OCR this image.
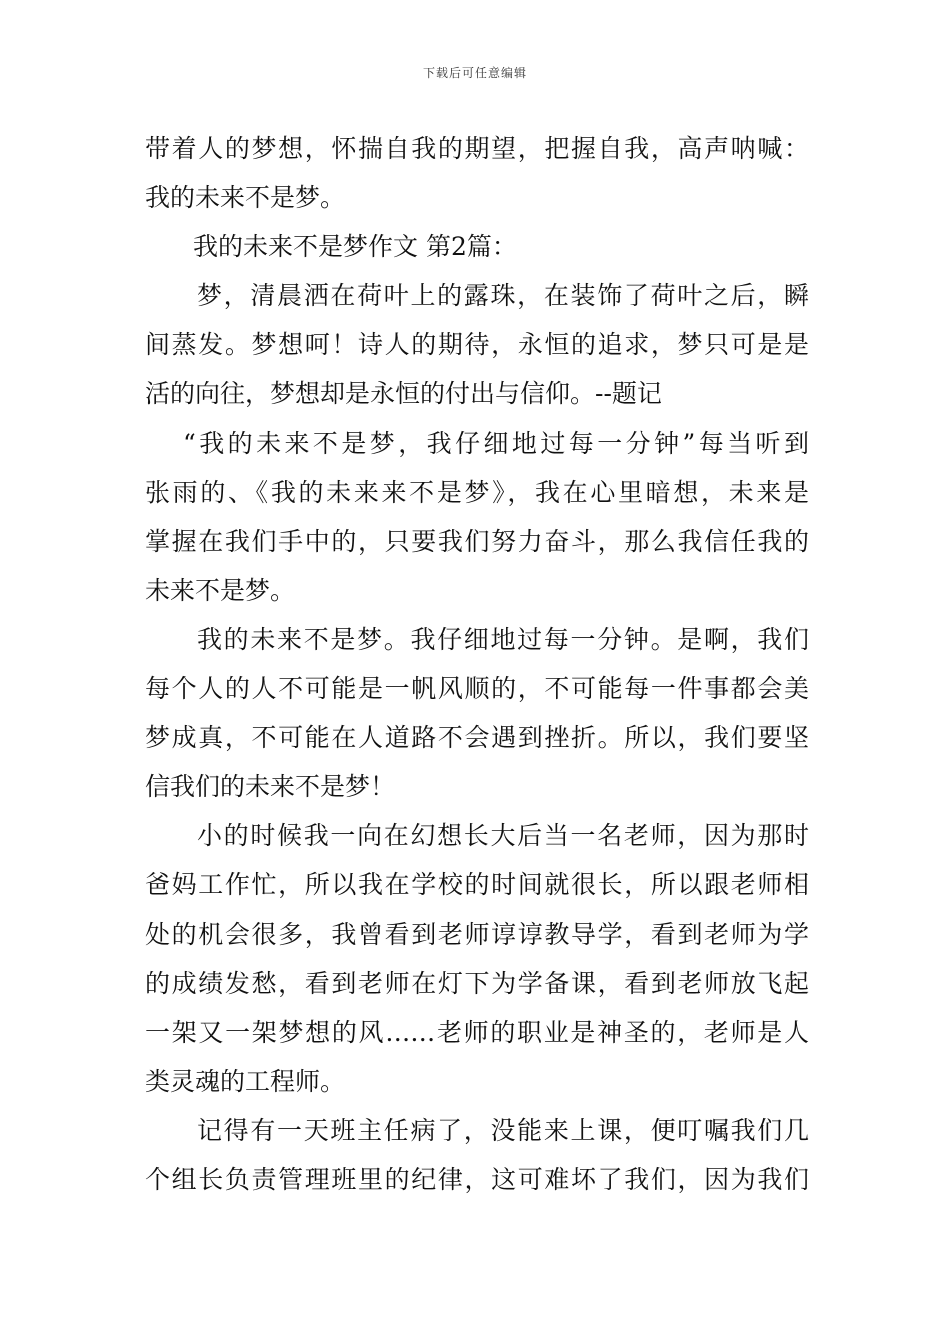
下载后可任意编辑
带着人的梦想，怀揣自我的期望，把握自我，高声呐喊：
我的未来不是梦。
我的未来不是梦作文 第2篇：
梦，清晨洒在荷叶上的露珠，在装饰了荷叶之后，瞬
间蒸发。梦想呵！诗人的期待，永恒的追求，梦只可是是
活的向往，梦想却是永恒的付出与信仰。--题记
“我的未来不是梦，我仔细地过每一分钟”每当听到
张雨的、《我的未来来不是梦》，我在心里暗想，未来是
掌握在我们手中的，只要我们努力奋斗，那么我信任我的
未来不是梦。
我的未来不是梦。我仔细地过每一分钟。是啊，我们
每个人的人不可能是一帆风顺的，不可能每一件事都会美
梦成真，不可能在人道路不会遇到挫折。所以，我们要坚
信我们的未来不是梦！
小的时候我一向在幻想长大后当一名老师，因为那时
爸妈工作忙，所以我在学校的时间就很长，所以跟老师相
处的机会很多，我曾看到老师谆谆教导学，看到老师为学
的成绩发愁，看到老师在灯下为学备课，看到老师放飞起
一架又一架梦想的风……老师的职业是神圣的，老师是人
类灵魂的工程师。
记得有一天班主任病了，没能来上课，便叮嘱我们几
个组长负责管理班里的纪律，这可难坏了我们，因为我们
